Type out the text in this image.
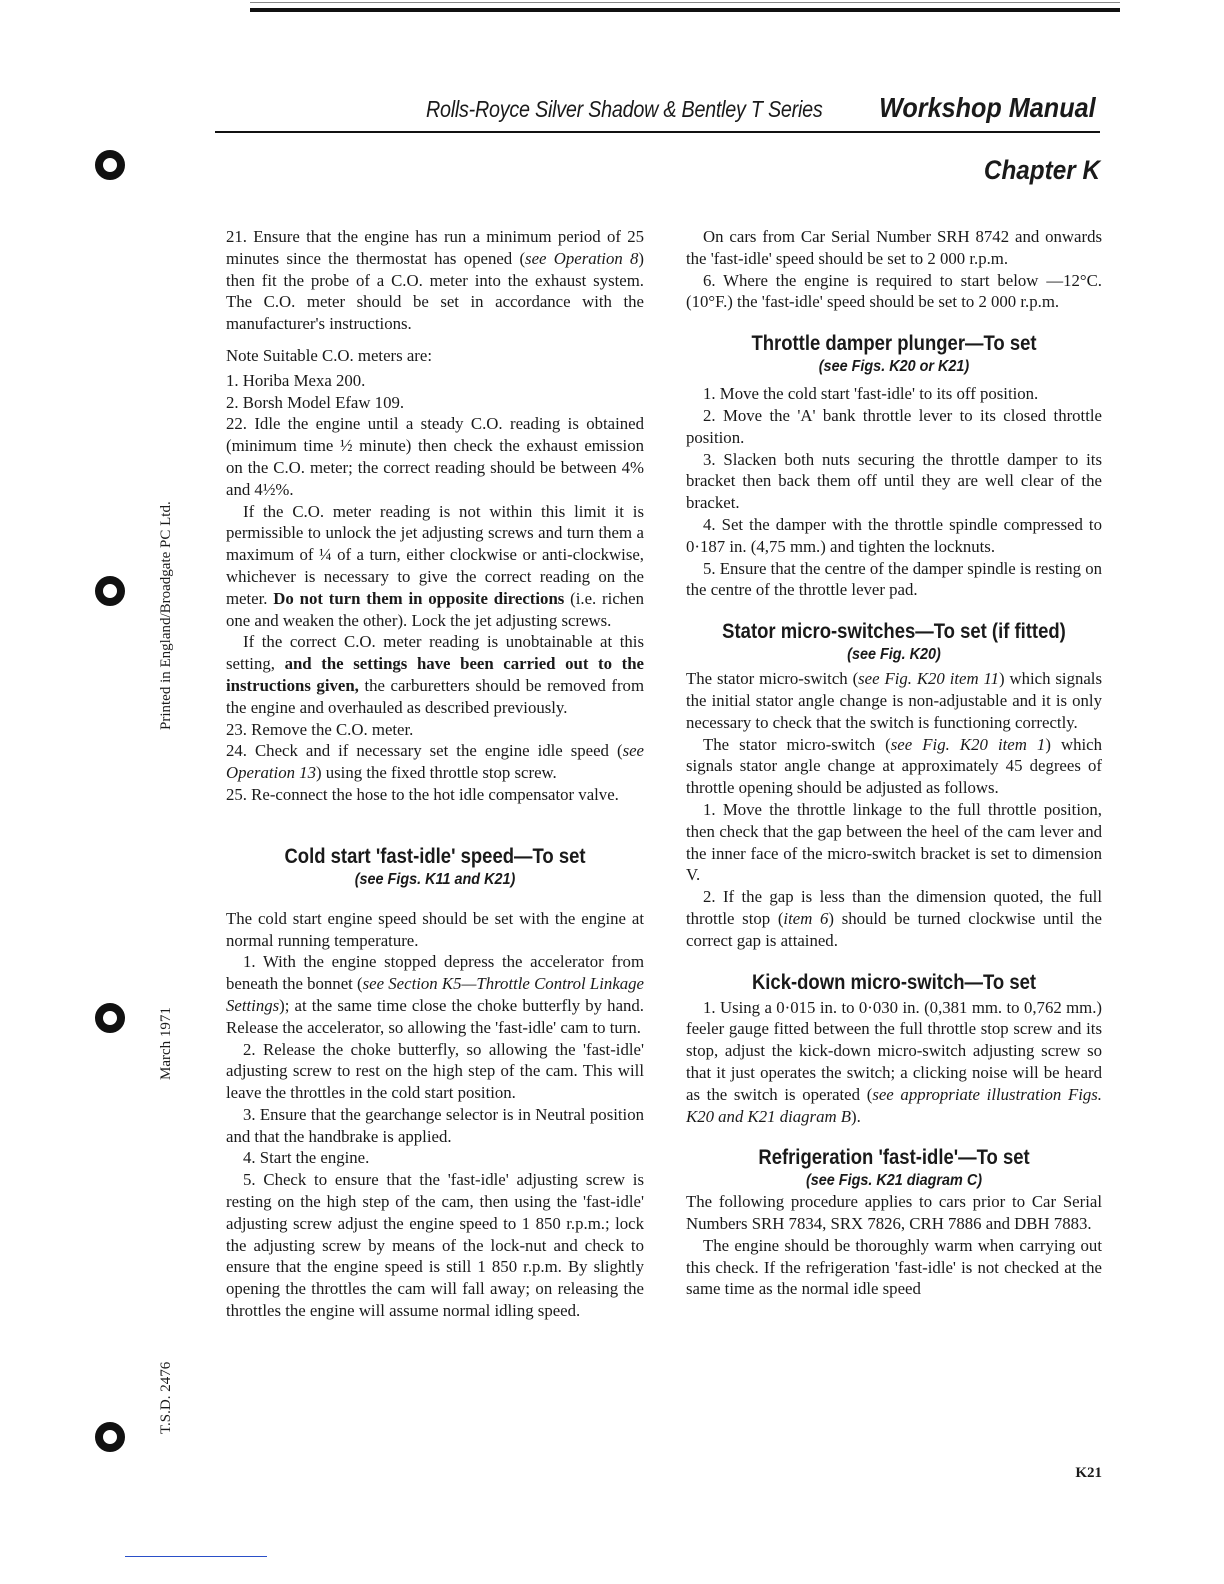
Rolls-Royce Silver Shadow & Bentley T Series Workshop Manual
Chapter K
Printed in England/Broadgate PC Ltd.
March 1971
T.S.D. 2476

21. Ensure that the engine has run a minimum period of 25 minutes since the thermostat has opened (see Operation 8) then fit the probe of a C.O. meter into the exhaust system. The C.O. meter should be set in accordance with the manufacturer's instructions.

Note Suitable C.O. meters are:

1. Horiba Mexa 200.

2. Borsh Model Efaw 109.

22. Idle the engine until a steady C.O. reading is obtained (minimum time ½ minute) then check the exhaust emission on the C.O. meter; the correct reading should be between 4% and 4½%.

If the C.O. meter reading is not within this limit it is permissible to unlock the jet adjusting screws and turn them a maximum of ¼ of a turn, either clockwise or anti-clockwise, whichever is necessary to give the correct reading on the meter. Do not turn them in opposite directions (i.e. richen one and weaken the other). Lock the jet adjusting screws.

If the correct C.O. meter reading is unobtainable at this setting, and the settings have been carried out to the instructions given, the carburetters should be removed from the engine and overhauled as described previously.

23. Remove the C.O. meter.

24. Check and if necessary set the engine idle speed (see Operation 13) using the fixed throttle stop screw.

25. Re-connect the hose to the hot idle compensator valve.

Cold start 'fast-idle' speed—To set
(see Figs. K11 and K21)

The cold start engine speed should be set with the engine at normal running temperature.

1. With the engine stopped depress the accelerator from beneath the bonnet (see Section K5—Throttle Control Linkage Settings); at the same time close the choke butterfly by hand. Release the accelerator, so allowing the 'fast-idle' cam to turn.

2. Release the choke butterfly, so allowing the 'fast-idle' adjusting screw to rest on the high step of the cam. This will leave the throttles in the cold start position.

3. Ensure that the gearchange selector is in Neutral position and that the handbrake is applied.

4. Start the engine.

5. Check to ensure that the 'fast-idle' adjusting screw is resting on the high step of the cam, then using the 'fast-idle' adjusting screw adjust the engine speed to 1 850 r.p.m.; lock the adjusting screw by means of the lock-nut and check to ensure that the engine speed is still 1 850 r.p.m. By slightly opening the throttles the cam will fall away; on releasing the throttles the engine will assume normal idling speed.

On cars from Car Serial Number SRH 8742 and onwards the 'fast-idle' speed should be set to 2 000 r.p.m.

6. Where the engine is required to start below —12°C. (10°F.) the 'fast-idle' speed should be set to 2 000 r.p.m.

Throttle damper plunger—To set
(see Figs. K20 or K21)

1. Move the cold start 'fast-idle' to its off position.

2. Move the 'A' bank throttle lever to its closed throttle position.

3. Slacken both nuts securing the throttle damper to its bracket then back them off until they are well clear of the bracket.

4. Set the damper with the throttle spindle compressed to 0·187 in. (4,75 mm.) and tighten the locknuts.

5. Ensure that the centre of the damper spindle is resting on the centre of the throttle lever pad.

Stator micro-switches—To set (if fitted)
(see Fig. K20)

The stator micro-switch (see Fig. K20 item 11) which signals the initial stator angle change is non-adjustable and it is only necessary to check that the switch is functioning correctly.

The stator micro-switch (see Fig. K20 item 1) which signals stator angle change at approximately 45 degrees of throttle opening should be adjusted as follows.

1. Move the throttle linkage to the full throttle position, then check that the gap between the heel of the cam lever and the inner face of the micro-switch bracket is set to dimension V.

2. If the gap is less than the dimension quoted, the full throttle stop (item 6) should be turned clockwise until the correct gap is attained.

Kick-down micro-switch—To set

1. Using a 0·015 in. to 0·030 in. (0,381 mm. to 0,762 mm.) feeler gauge fitted between the full throttle stop screw and its stop, adjust the kick-down micro-switch adjusting screw so that it just operates the switch; a clicking noise will be heard as the switch is operated (see appropriate illustration Figs. K20 and K21 diagram B).

Refrigeration 'fast-idle'—To set
(see Figs. K21 diagram C)

The following procedure applies to cars prior to Car Serial Numbers SRH 7834, SRX 7826, CRH 7886 and DBH 7883.

The engine should be thoroughly warm when carrying out this check. If the refrigeration 'fast-idle' is not checked at the same time as the normal idle speed

K21
